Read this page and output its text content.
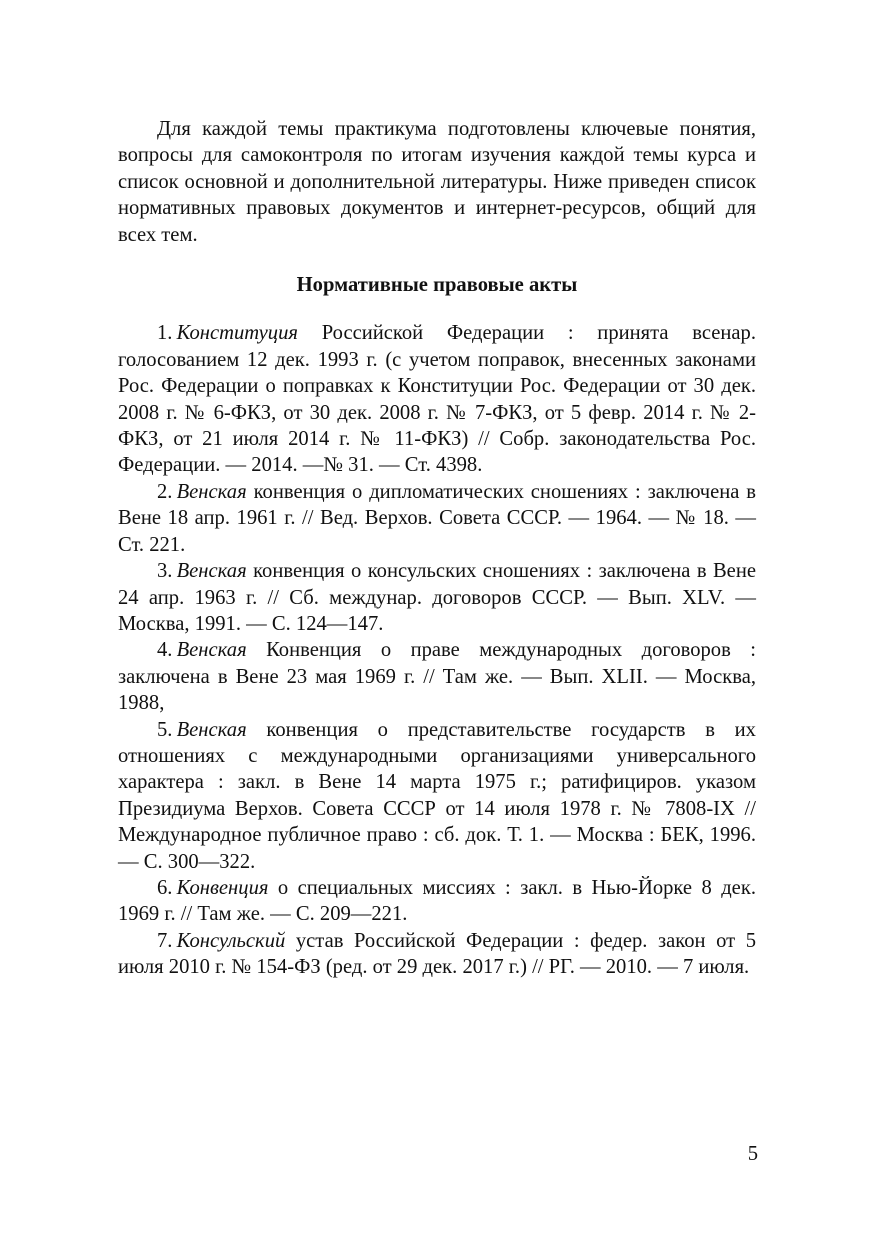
Для каждой темы практикума подготовлены ключевые понятия, вопросы для самоконтроля по итогам изучения каждой темы курса и список основной и дополнительной литературы. Ниже приведен список нормативных правовых документов и интернет-ресурсов, общий для всех тем.

Нормативные правовые акты
1.  Конституция Российской Федерации : принята всенар. голосованием 12 дек. 1993 г. (с учетом поправок, внесенных законами Рос. Федерации о поправках к Конституции Рос. Федерации от 30 дек. 2008 г. № 6-ФКЗ, от 30 дек. 2008 г. № 7-ФКЗ, от 5 февр. 2014 г. № 2-ФКЗ, от 21 июля 2014 г. № 11-ФКЗ) // Собр. законодательства Рос. Федерации. — 2014. —№ 31. — Ст. 4398.
2.  Венская конвенция о дипломатических сношениях : заключена в Вене 18 апр. 1961 г. // Вед. Верхов. Совета СССР. — 1964. — № 18. — Ст. 221.
3.  Венская конвенция о консульских сношениях : заключена в Вене 24 апр. 1963 г. // Сб. междунар. договоров СССР. — Вып. XLV. — Москва, 1991. — С. 124—147.
4.  Венская Конвенция о праве международных договоров : заключена в Вене 23 мая 1969 г. // Там же. — Вып. XLII. — Москва, 1988,
5.  Венская конвенция о представительстве государств в их отношениях с международными организациями универсального характера : закл. в Вене 14 марта 1975 г.; ратифициров. указом Президиума Верхов. Совета СССР от 14 июля 1978 г. № 7808-IX // Международное публичное право : сб. док. Т. 1. — Москва : БЕК, 1996. — С. 300—322.
6.  Конвенция о специальных миссиях : закл. в Нью-Йорке 8 дек. 1969 г. // Там же. — С. 209—221.
7.  Консульский устав Российской Федерации : федер. закон от 5 июля 2010 г. № 154-ФЗ (ред. от 29 дек. 2017 г.) // РГ. — 2010. — 7 июля.
5
